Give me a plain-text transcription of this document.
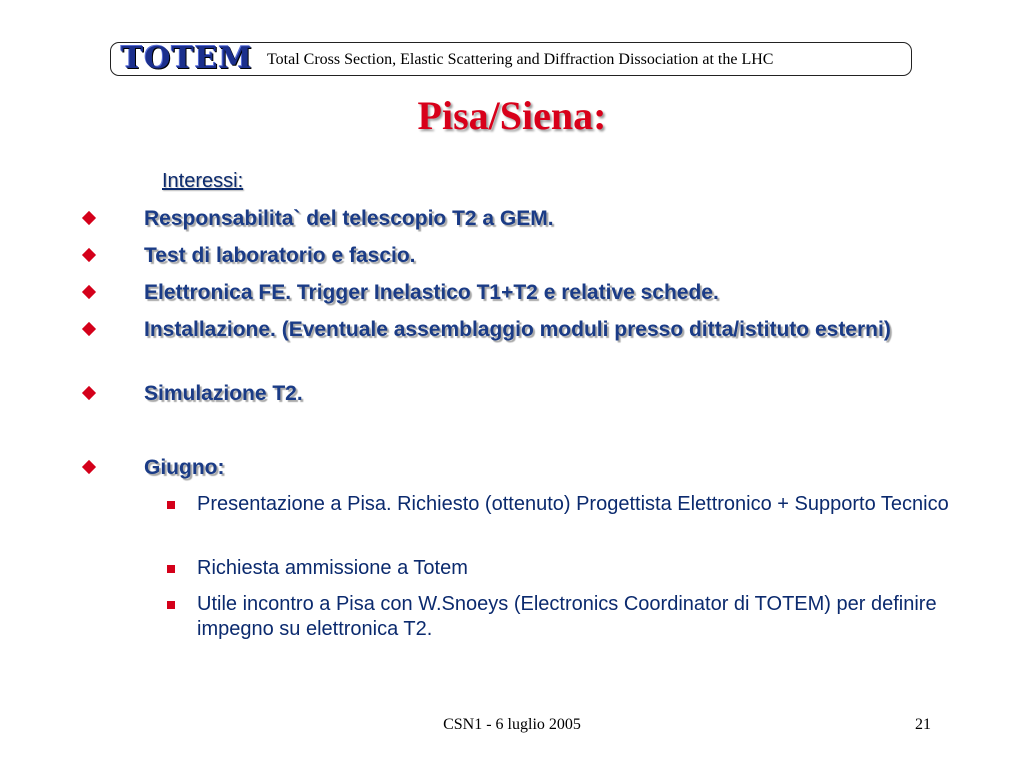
TOTEM Total Cross Section, Elastic Scattering and Diffraction Dissociation at the LHC
Pisa/Siena:
Interessi:
Responsabilita` del telescopio T2 a GEM.
Test di laboratorio e fascio.
Elettronica FE. Trigger Inelastico T1+T2 e relative schede.
Installazione. (Eventuale assemblaggio moduli presso ditta/istituto esterni)
Simulazione T2.
Giugno:
Presentazione a Pisa. Richiesto (ottenuto) Progettista Elettronico + Supporto Tecnico
Richiesta ammissione a Totem
Utile incontro a Pisa con W.Snoeys (Electronics Coordinator di TOTEM) per definire impegno su elettronica T2.
CSN1 - 6 luglio 2005	21
